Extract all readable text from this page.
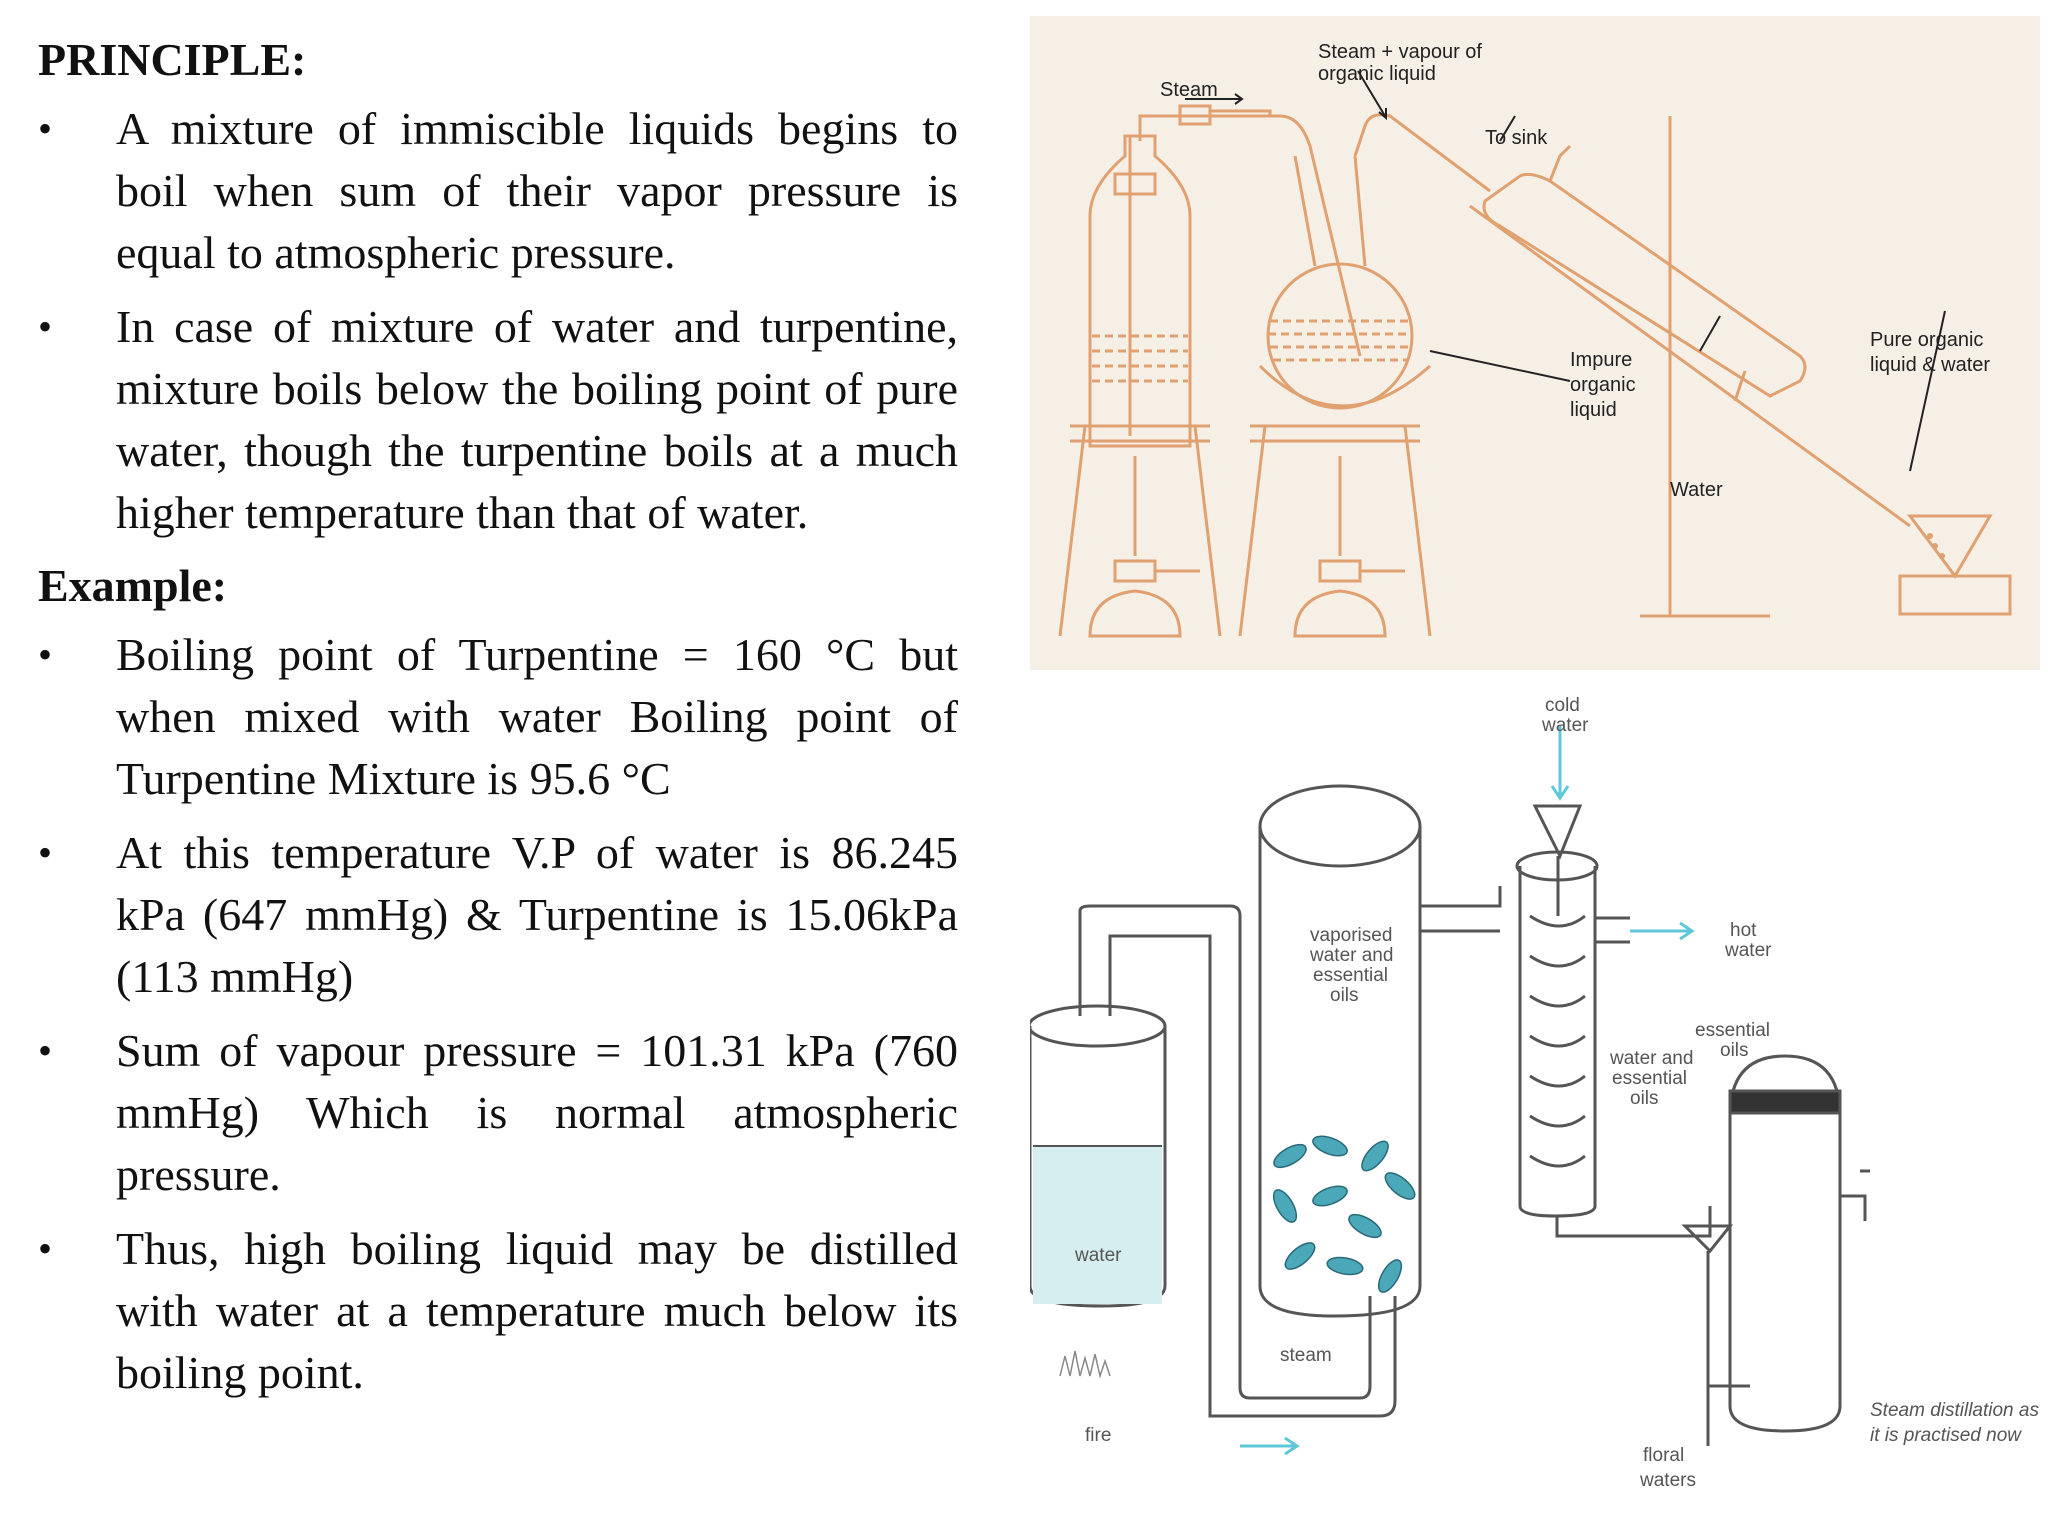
PRINCIPLE:
• A mixture of immiscible liquids begins to boil when sum of their vapor pressure is equal to atmospheric pressure.
• In case of mixture of water and turpentine, mixture boils below the boiling point of pure water, though the turpentine boils at a much higher temperature than that of water.
Example:
• Boiling point of Turpentine = 160 °C but when mixed with water Boiling point of Turpentine Mixture is 95.6 °C
• At this temperature V.P of water is 86.245 kPa (647 mmHg) & Turpentine is 15.06kPa (113 mmHg)
• Sum of vapour pressure = 101.31 kPa (760 mmHg) Which is normal atmospheric pressure.
• Thus, high boiling liquid may be distilled with water at a temperature much below its boiling point.
Steam
Steam + vapour of
organic liquid
To sink
Impure
organic
liquid
Pure organic
liquid & water
Water
cold
water
vaporised
water and
essential
oils
hot
water
essential
oils
water and
essential
oils
water
steam
fire
floral
waters
Steam distillation as
it is practised now
